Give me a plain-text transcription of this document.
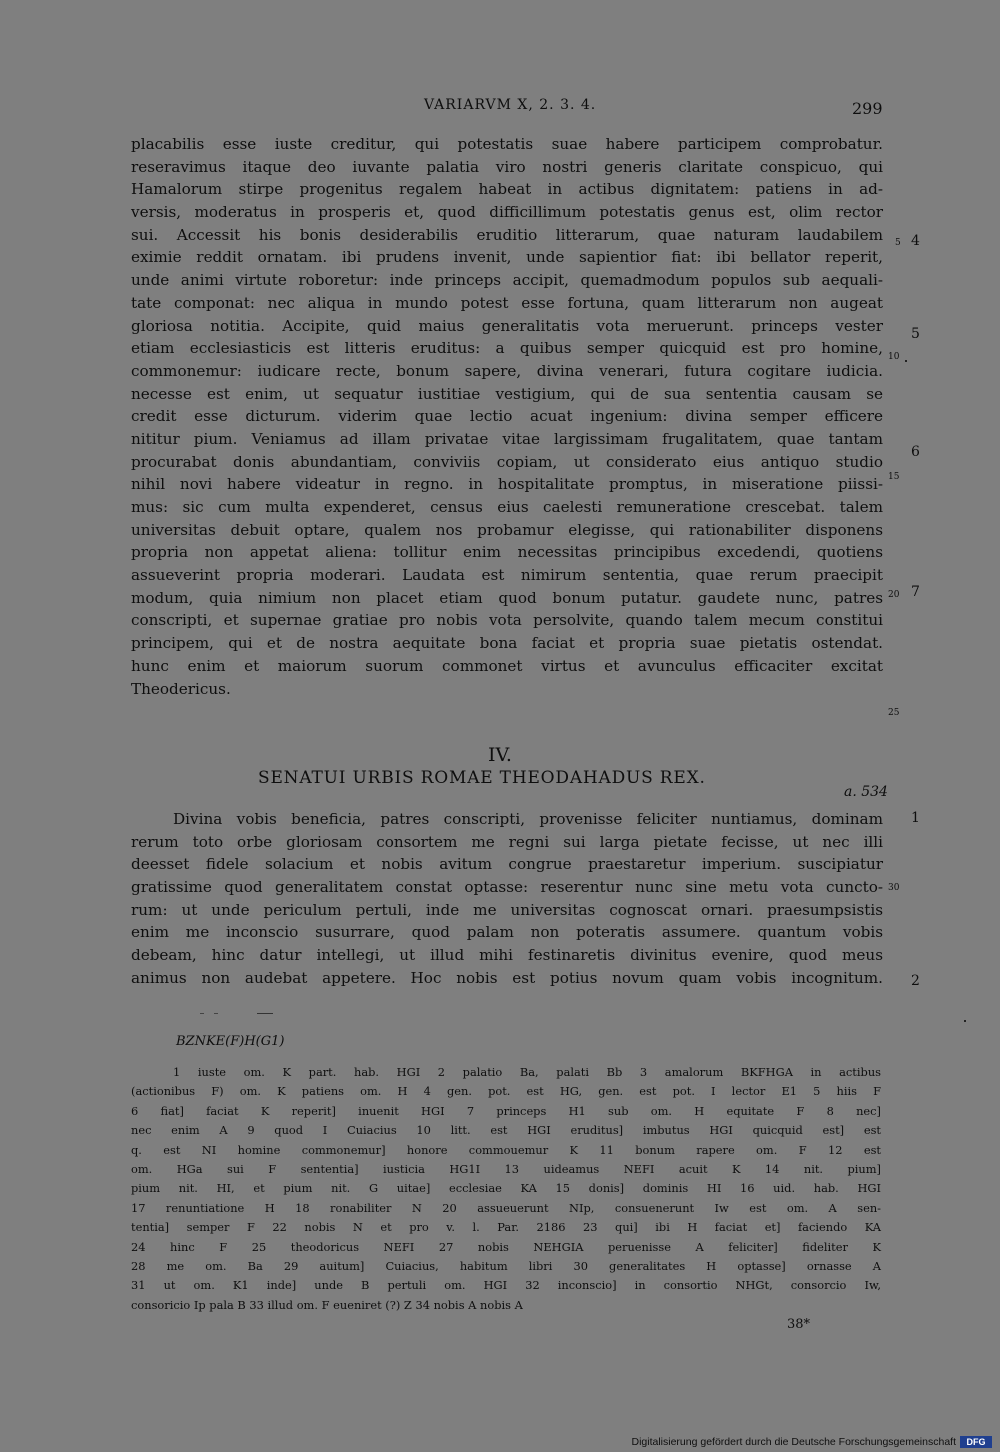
VARIARVM X, 2. 3. 4.	299
placabilis esse iuste creditur, qui potestatis suae habere participem comprobatur.
reseravimus itaque deo iuvante palatia viro nostri generis claritate conspicuo, qui
Hamalorum stirpe progenitus regalem habeat in actibus dignitatem: patiens in ad-
versis, moderatus in prosperis et, quod difficillimum potestatis genus est, olim rector
sui. Accessit his bonis desiderabilis eruditio litterarum, quae naturam laudabilem
eximie reddit ornatam. ibi prudens invenit, unde sapientior fiat: ibi bellator reperit,
unde animi virtute roboretur: inde princeps accipit, quemadmodum populos sub aequali-
tate componat: nec aliqua in mundo potest esse fortuna, quam litterarum non augeat
gloriosa notitia. Accipite, quid maius generalitatis vota meruerunt. princeps vester
etiam ecclesiasticis est litteris eruditus: a quibus semper quicquid est pro homine,
commonemur: iudicare recte, bonum sapere, divina venerari, futura cogitare iudicia.
necesse est enim, ut sequatur iustitiae vestigium, qui de sua sententia causam se
credit esse dicturum. viderim quae lectio acuat ingenium: divina semper efficere
nititur pium. Veniamus ad illam privatae vitae largissimam frugalitatem, quae tantam
procurabat donis abundantiam, conviviis copiam, ut considerato eius antiquo studio
nihil novi habere videatur in regno. in hospitalitate promptus, in miseratione piissi-
mus: sic cum multa expenderet, census eius caelesti remuneratione crescebat. talem
universitas debuit optare, qualem nos probamur elegisse, qui rationabiliter disponens
propria non appetat aliena: tollitur enim necessitas principibus excedendi, quotiens
assueverint propria moderari. Laudata est nimirum sententia, quae rerum praecipit
modum, quia nimium non placet etiam quod bonum putatur. gaudete nunc, patres
conscripti, et supernae gratiae pro nobis vota persolvite, quando talem mecum constitui
principem, qui et de nostra aequitate bona faciat et propria suae pietatis ostendat.
hunc enim et maiorum suorum commonet virtus et avunculus efficaciter excitat
Theodericus.
5 4
5
10
6
15
20 7
25
IV.
SENATUI URBIS ROMAE THEODAHADUS REX.
a. 534
Divina vobis beneficia, patres conscripti, provenisse feliciter nuntiamus, dominam
rerum toto orbe gloriosam consortem me regni sui larga pietate fecisse, ut nec illi
deesset fidele solacium et nobis avitum congrue praestaretur imperium. suscipiatur
gratissime quod generalitatem constat optasse: reserentur nunc sine metu vota cuncto-
rum: ut unde periculum pertuli, inde me universitas cognoscat ornari. praesumpsistis
enim me inconscio susurrare, quod palam non poteratis assumere. quantum vobis
debeam, hinc datur intellegi, ut illud mihi festinaretis divinitus evenire, quod meus
animus non audebat appetere. Hoc nobis est potius novum quam vobis incognitum.
1
30
2
BZNKE(F)H(G1)
1 iuste om. K part. hab. HGI 2 palatio Ba, palati Bb 3 amalorum BKFHGA in actibus
(actionibus F) om. K patiens om. H 4 gen. pot. est HG, gen. est pot. I lector E1 5 hiis F
6 fiat] faciat K reperit] inuenit HGI 7 princeps H1 sub om. H equitate F 8 nec]
nec enim A 9 quod I Cuiacius 10 litt. est HGI eruditus] imbutus HGI quicquid est] est
q. est NI homine commonemur] honore commouemur K 11 bonum rapere om. F 12 est
om. HGa sui F sententia] iusticia HG1I 13 uideamus NEFI acuit K 14 nit. pium]
pium nit. HI, et pium nit. G uitae] ecclesiae KA 15 donis] dominis HI 16 uid. hab. HGI
17 renuntiatione H 18 ronabiliter N 20 assueuerunt NIp, consuenerunt Iw est om. A sen-
tentia] semper F 22 nobis N et pro v. l. Par. 2186 23 qui] ibi H faciat et] faciendo KA
24 hinc F 25 theodoricus NEFI 27 nobis NEHGIA peruenisse A feliciter] fideliter K
28 me om. Ba 29 auitum] Cuiacius, habitum libri 30 generalitates H optasse] ornasse A
31 ut om. K1 inde] unde B pertuli om. HGI 32 inconscio] in consortio NHGt, consorcio Iw,
consoricio Ip pala B 33 illud om. F eueniret (?) Z 34 nobis A nobis A
38*
Digitalisierung gefördert durch die Deutsche Forschungsgemeinschaft	DFG
